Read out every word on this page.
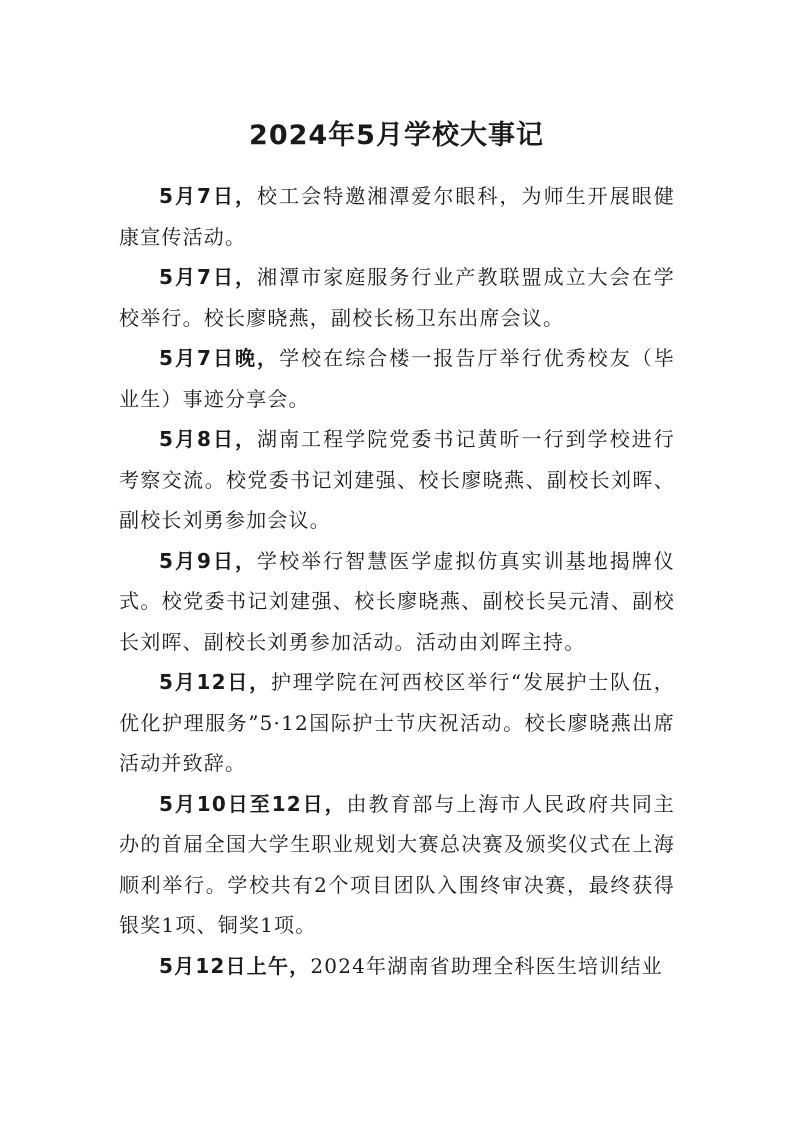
2024年5月学校大事记

5月7日，校工会特邀湘潭爱尔眼科，为师生开展眼健康宣传活动。

5月7日，湘潭市家庭服务行业产教联盟成立大会在学校举行。校长廖晓燕，副校长杨卫东出席会议。

5月7日晚，学校在综合楼一报告厅举行优秀校友（毕业生）事迹分享会。

5月8日，湖南工程学院党委书记黄昕一行到学校进行考察交流。校党委书记刘建强、校长廖晓燕、副校长刘晖、副校长刘勇参加会议。

5月9日，学校举行智慧医学虚拟仿真实训基地揭牌仪式。校党委书记刘建强、校长廖晓燕、副校长吴元清、副校长刘晖、副校长刘勇参加活动。活动由刘晖主持。

5月12日，护理学院在河西校区举行“发展护士队伍，优化护理服务”5·12国际护士节庆祝活动。校长廖晓燕出席活动并致辞。

5月10日至12日，由教育部与上海市人民政府共同主办的首届全国大学生职业规划大赛总决赛及颁奖仪式在上海顺利举行。学校共有2个项目团队入围终审决赛，最终获得银奖1项、铜奖1项。

5月12日上午，2024年湖南省助理全科医生培训结业
